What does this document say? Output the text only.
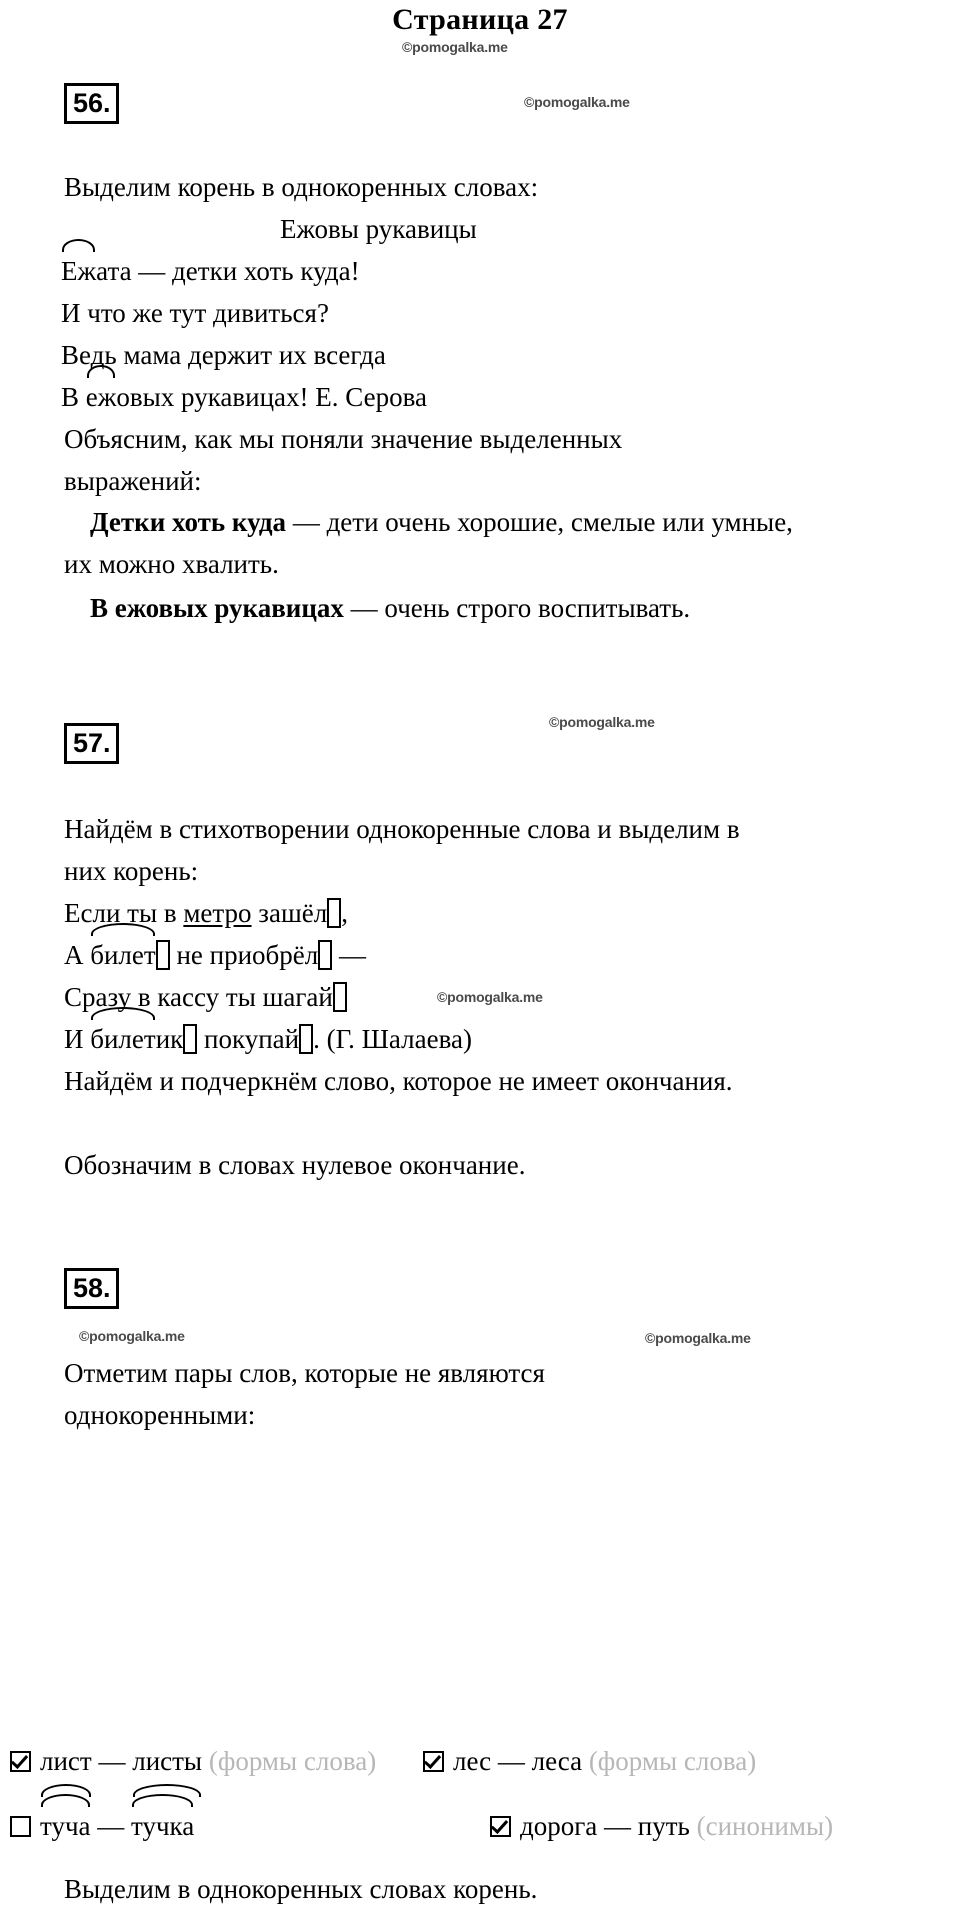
Страница 27
©pomogalka.me
©pomogalka.me
©pomogalka.me
©pomogalka.me
©pomogalka.me	©pomogalka.me
56.
Выделим корень в однокоренных словах:
Ежовы рукавицы
Ежата — детки хоть куда!
И что же тут дивиться?
Ведь мама держит их всегда
В ежовых рукавицах! Е. Серова
Объясним, как мы поняли значение выделенных выражений:
Детки хоть куда — дети очень хорошие, смелые или умные, их можно хвалить.
В ежовых рукавицах — очень строго воспитывать.
57.
Найдём в стихотворении однокоренные слова и выделим в них корень:
Если ты в метро зашёл ,
А билет не приобрёл —
Сразу в кассу ты шагай
И билетик покупай . (Г. Шалаева)
Найдём и подчеркнём слово, которое не имеет окончания.
Обозначим в словах нулевое окончание.
58.
Отметим пары слов, которые не являются однокоренными:
лист — листы (формы слова)	лес — леса (формы слова)
туча — тучка	дорога — путь (синонимы)
Выделим в однокоренных словах корень.
